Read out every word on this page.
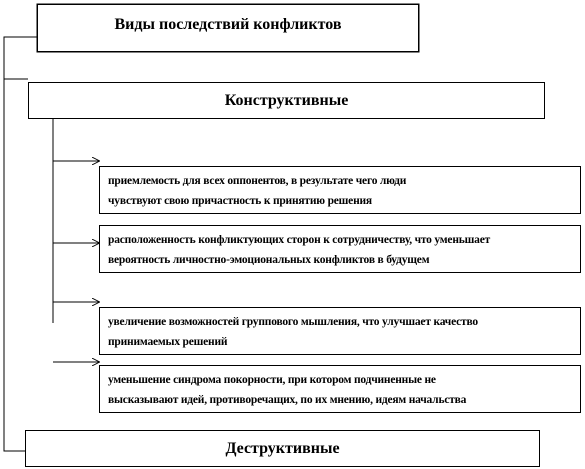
Виды последствий конфликтов
Конструктивные
приемлемость для всех оппонентов, в результате чего люди
чувствуют свою причастность к принятию решения
расположенность конфликтующих сторон к сотрудничеству, что уменьшает
вероятность личностно-эмоциональных конфликтов в будущем
увеличение возможностей группового мышления, что улучшает качество
принимаемых решений
уменьшение синдрома покорности, при котором подчиненные не
высказывают идей, противоречащих, по их мнению, идеям начальства
Деструктивные
